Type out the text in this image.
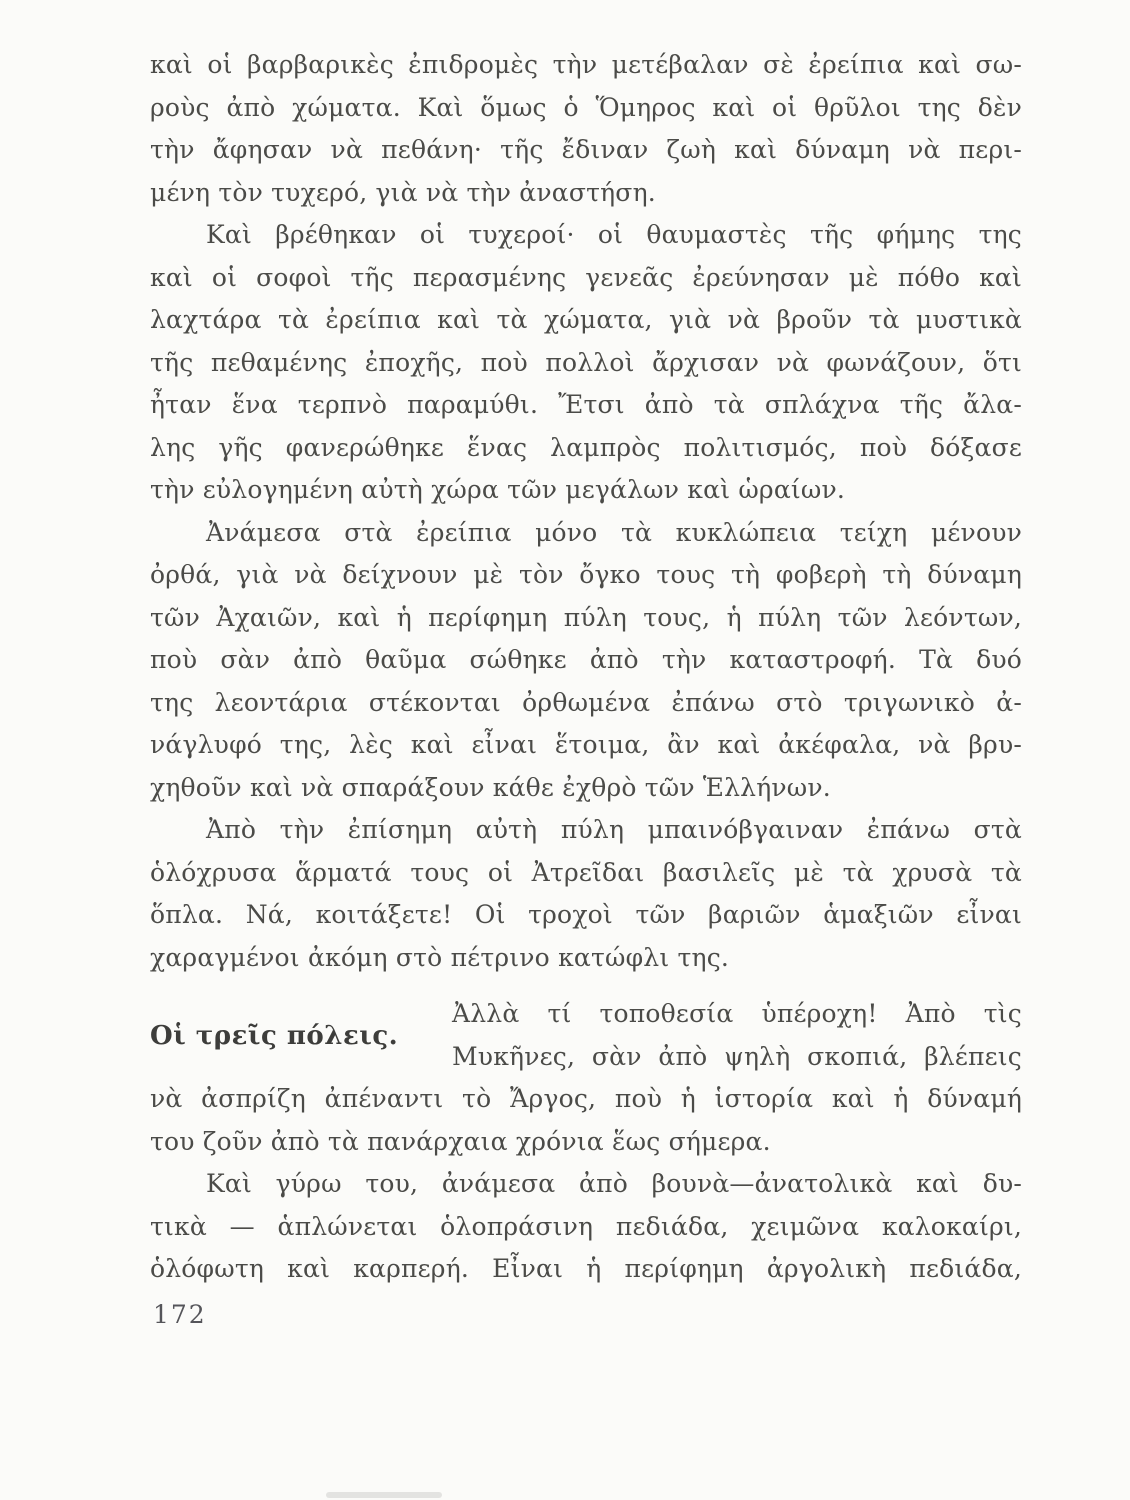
καὶ οἱ βαρβαρικὲς ἐπιδρομὲς τὴν μετέβαλαν σὲ ἐρείπια καὶ σω-
ροὺς ἀπὸ χώματα. Καὶ ὅμως ὁ Ὅμηρος καὶ οἱ θρῦλοι της δὲν
τὴν ἄφησαν νὰ πεθάνη· τῆς ἔδιναν ζωὴ καὶ δύναμη νὰ περι-
μένη τὸν τυχερό, γιὰ νὰ τὴν ἀναστήση.
Καὶ βρέθηκαν οἱ τυχεροί· οἱ θαυμαστὲς τῆς φήμης της
καὶ οἱ σοφοὶ τῆς περασμένης γενεᾶς ἐρεύνησαν μὲ πόθο καὶ
λαχτάρα τὰ ἐρείπια καὶ τὰ χώματα, γιὰ νὰ βροῦν τὰ μυστικὰ
τῆς πεθαμένης ἐποχῆς, ποὺ πολλοὶ ἄρχισαν νὰ φωνάζουν, ὅτι
ἦταν ἕνα τερπνὸ παραμύθι. Ἔτσι ἀπὸ τὰ σπλάχνα τῆς ἄλα-
λης γῆς φανερώθηκε ἕνας λαμπρὸς πολιτισμός, ποὺ δόξασε
τὴν εὐλογημένη αὐτὴ χώρα τῶν μεγάλων καὶ ὡραίων.
Ἀνάμεσα στὰ ἐρείπια μόνο τὰ κυκλώπεια τείχη μένουν
ὀρθά, γιὰ νὰ δείχνουν μὲ τὸν ὄγκο τους τὴ φοβερὴ τὴ δύναμη
τῶν Ἀχαιῶν, καὶ ἡ περίφημη πύλη τους, ἡ πύλη τῶν λεόντων,
ποὺ σὰν ἀπὸ θαῦμα σώθηκε ἀπὸ τὴν καταστροφή. Τὰ δυό
της λεοντάρια στέκονται ὀρθωμένα ἐπάνω στὸ τριγωνικὸ ἀ-
νάγλυφό της, λὲς καὶ εἶναι ἕτοιμα, ἂν καὶ ἀκέφαλα, νὰ βρυ-
χηθοῦν καὶ νὰ σπαράξουν κάθε ἐχθρὸ τῶν Ἑλλήνων.
Ἀπὸ τὴν ἐπίσημη αὐτὴ πύλη μπαινόβγαιναν ἐπάνω στὰ
ὁλόχρυσα ἅρματά τους οἱ Ἀτρεῖδαι βασιλεῖς μὲ τὰ χρυσὰ τὰ
ὅπλα. Νά, κοιτάξετε! Οἱ τροχοὶ τῶν βαριῶν ἁμαξιῶν εἶναι
χαραγμένοι ἀκόμη στὸ πέτρινο κατώφλι της.
Οἱ τρεῖς πόλεις.
Ἀλλὰ τί τοποθεσία ὑπέροχη! Ἀπὸ τὶς
Μυκῆνες, σὰν ἀπὸ ψηλὴ σκοπιά, βλέπεις
νὰ ἀσπρίζη ἀπέναντι τὸ Ἄργος, ποὺ ἡ ἱστορία καὶ ἡ δύναμή
του ζοῦν ἀπὸ τὰ πανάρχαια χρόνια ἕως σήμερα.
Καὶ γύρω του, ἀνάμεσα ἀπὸ βουνὰ—ἀνατολικὰ καὶ δυ-
τικὰ — ἁπλώνεται ὁλοπράσινη πεδιάδα, χειμῶνα καλοκαίρι,
ὁλόφωτη καὶ καρπερή. Εἶναι ἡ περίφημη ἀργολικὴ πεδιάδα,
172
